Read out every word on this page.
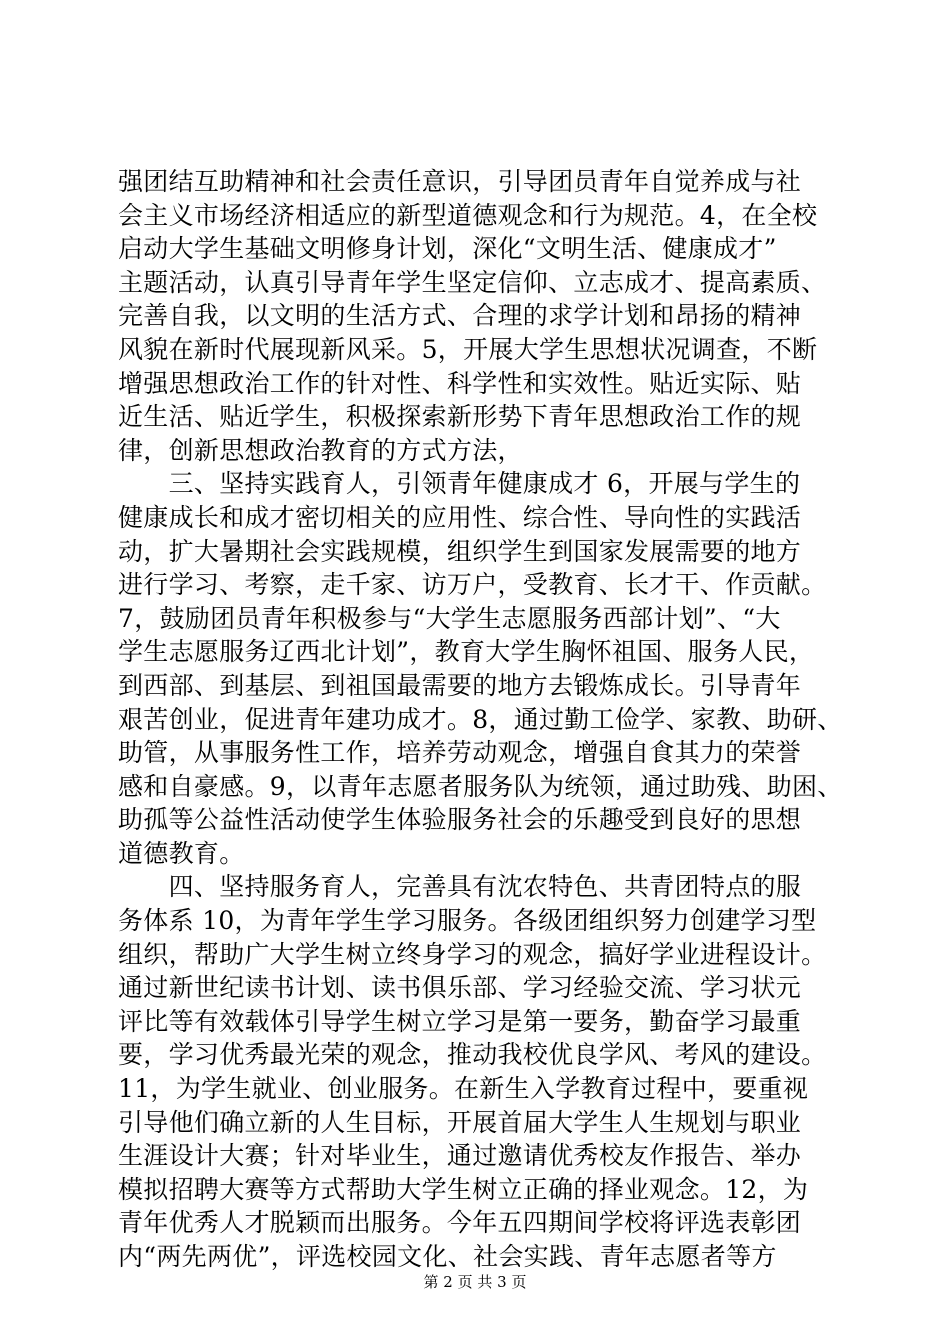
强团结互助精神和社会责任意识，引导团员青年自觉养成与社
会主义市场经济相适应的新型道德观念和行为规范。4，在全校
启动大学生基础文明修身计划，深化“文明生活、健康成才”
主题活动，认真引导青年学生坚定信仰、立志成才、提高素质、
完善自我，以文明的生活方式、合理的求学计划和昂扬的精神
风貌在新时代展现新风采。5，开展大学生思想状况调查，不断
增强思想政治工作的针对性、科学性和实效性。贴近实际、贴
近生活、贴近学生，积极探索新形势下青年思想政治工作的规
律，创新思想政治教育的方式方法，
　　三、坚持实践育人，引领青年健康成才 6，开展与学生的
健康成长和成才密切相关的应用性、综合性、导向性的实践活
动，扩大暑期社会实践规模，组织学生到国家发展需要的地方
进行学习、考察，走千家、访万户，受教育、长才干、作贡献。
7，鼓励团员青年积极参与“大学生志愿服务西部计划”、“大
学生志愿服务辽西北计划”，教育大学生胸怀祖国、服务人民，
到西部、到基层、到祖国最需要的地方去锻炼成长。引导青年
艰苦创业，促进青年建功成才。8，通过勤工俭学、家教、助研、
助管，从事服务性工作，培养劳动观念，增强自食其力的荣誉
感和自豪感。9，以青年志愿者服务队为统领，通过助残、助困、
助孤等公益性活动使学生体验服务社会的乐趣受到良好的思想
道德教育。
　　四、坚持服务育人，完善具有沈农特色、共青团特点的服
务体系 10，为青年学生学习服务。各级团组织努力创建学习型
组织，帮助广大学生树立终身学习的观念，搞好学业进程设计。
通过新世纪读书计划、读书俱乐部、学习经验交流、学习状元
评比等有效载体引导学生树立学习是第一要务，勤奋学习最重
要，学习优秀最光荣的观念，推动我校优良学风、考风的建设。
11，为学生就业、创业服务。在新生入学教育过程中，要重视
引导他们确立新的人生目标，开展首届大学生人生规划与职业
生涯设计大赛；针对毕业生，通过邀请优秀校友作报告、举办
模拟招聘大赛等方式帮助大学生树立正确的择业观念。12，为
青年优秀人才脱颖而出服务。今年五四期间学校将评选表彰团
内“两先两优”，评选校园文化、社会实践、青年志愿者等方
第 2 页 共 3 页
